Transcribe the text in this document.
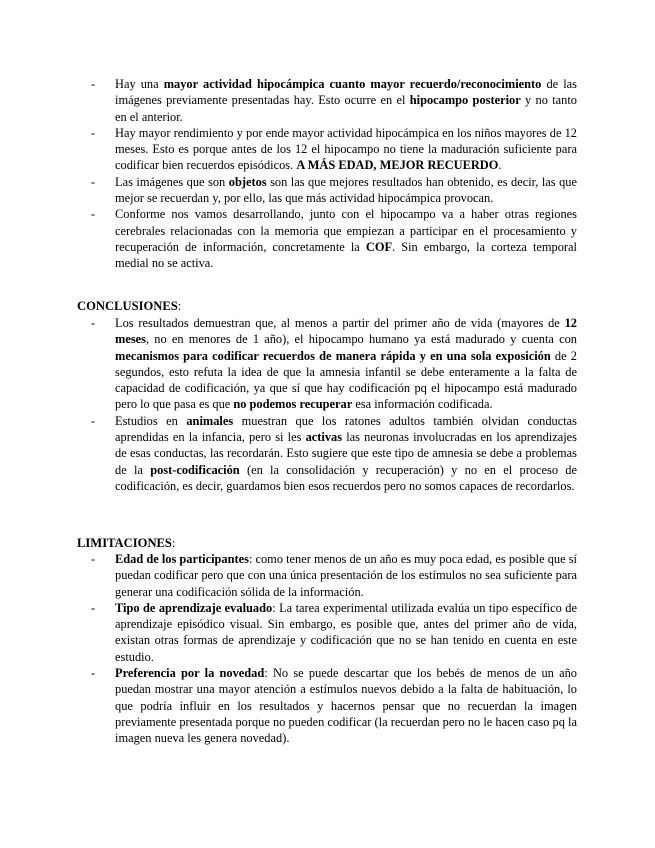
- Hay una mayor actividad hipocámpica cuanto mayor recuerdo/reconocimiento de las imágenes previamente presentadas hay. Esto ocurre en el hipocampo posterior y no tanto en el anterior.
- Hay mayor rendimiento y por ende mayor actividad hipocámpica en los niños mayores de 12 meses. Esto es porque antes de los 12 el hipocampo no tiene la maduración suficiente para codificar bien recuerdos episódicos. A MÁS EDAD, MEJOR RECUERDO.
- Las imágenes que son objetos son las que mejores resultados han obtenido, es decir, las que mejor se recuerdan y, por ello, las que más actividad hipocámpica provocan.
- Conforme nos vamos desarrollando, junto con el hipocampo va a haber otras regiones cerebrales relacionadas con la memoria que empiezan a participar en el procesamiento y recuperación de información, concretamente la COF. Sin embargo, la corteza temporal medial no se activa.

CONCLUSIONES:

- Los resultados demuestran que, al menos a partir del primer año de vida (mayores de 12 meses, no en menores de 1 año), el hipocampo humano ya está madurado y cuenta con mecanismos para codificar recuerdos de manera rápida y en una sola exposición de 2 segundos, esto refuta la idea de que la amnesia infantil se debe enteramente a la falta de capacidad de codificación, ya que sí que hay codificación pq el hipocampo está madurado pero lo que pasa es que no podemos recuperar esa información codificada.
- Estudios en animales muestran que los ratones adultos también olvidan conductas aprendidas en la infancia, pero si les activas las neuronas involucradas en los aprendizajes de esas conductas, las recordarán. Esto sugiere que este tipo de amnesia se debe a problemas de la post-codificación (en la consolidación y recuperación) y no en el proceso de codificación, es decir, guardamos bien esos recuerdos pero no somos capaces de recordarlos.

LIMITACIONES:

- Edad de los participantes: como tener menos de un año es muy poca edad, es posible que sí puedan codificar pero que con una única presentación de los estímulos no sea suficiente para generar una codificación sólida de la información.
- Tipo de aprendizaje evaluado: La tarea experimental utilizada evalúa un tipo específico de aprendizaje episódico visual. Sin embargo, es posible que, antes del primer año de vida, existan otras formas de aprendizaje y codificación que no se han tenido en cuenta en este estudio.
- Preferencia por la novedad: No se puede descartar que los bebés de menos de un año puedan mostrar una mayor atención a estímulos nuevos debido a la falta de habituación, lo que podría influir en los resultados y hacernos pensar que no recuerdan la imagen previamente presentada porque no pueden codificar (la recuerdan pero no le hacen caso pq la imagen nueva les genera novedad).
